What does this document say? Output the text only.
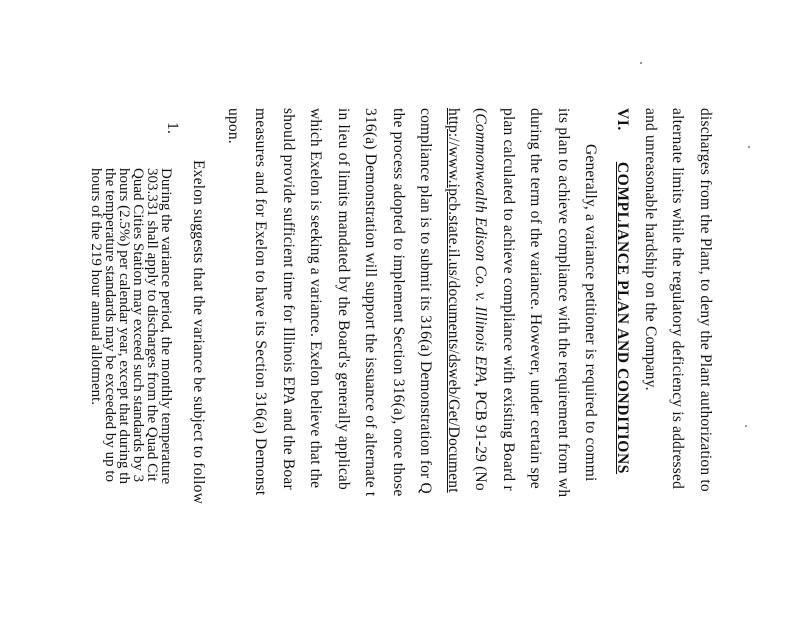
discharges from the Plant, to deny the Plant authorization to
alternate limits while the regulatory deficiency is addressed
and unreasonable hardship on the Company.
VI.  COMPLIANCE PLAN AND CONDITIONS
Generally, a variance petitioner is required to commi
its plan to achieve compliance with the requirement from wh
during the term of the variance. However, under certain spe
plan calculated to achieve compliance with existing Board r
(Commonwealth Edison Co. v. Illinois EPA, PCB 91-29 (No
http://www.ipcb.state.il.us/documents/dsweb/Get/Document
compliance plan is to submit its 316(a) Demonstration for Q
the process adopted to implement Section 316(a), once those
316(a) Demonstration will support the issuance of alternate t
in lieu of limits mandated by the Board's generally applicab
which Exelon is seeking a variance. Exelon believe that the
should provide sufficient time for Illinois EPA and the Boar
measures and for Exelon to have its Section 316(a) Demonst
upon.
Exelon suggests that the variance be subject to follow
1.
During the variance period, the monthly temperature
303.331 shall apply to discharges from the Quad Cit
Quad Cities Station may exceed such standards by 3
hours (2.5%) per calendar year, except that during th
the temperature standards may be exceeded by up to
hours of the 219 hour annual allotment.
